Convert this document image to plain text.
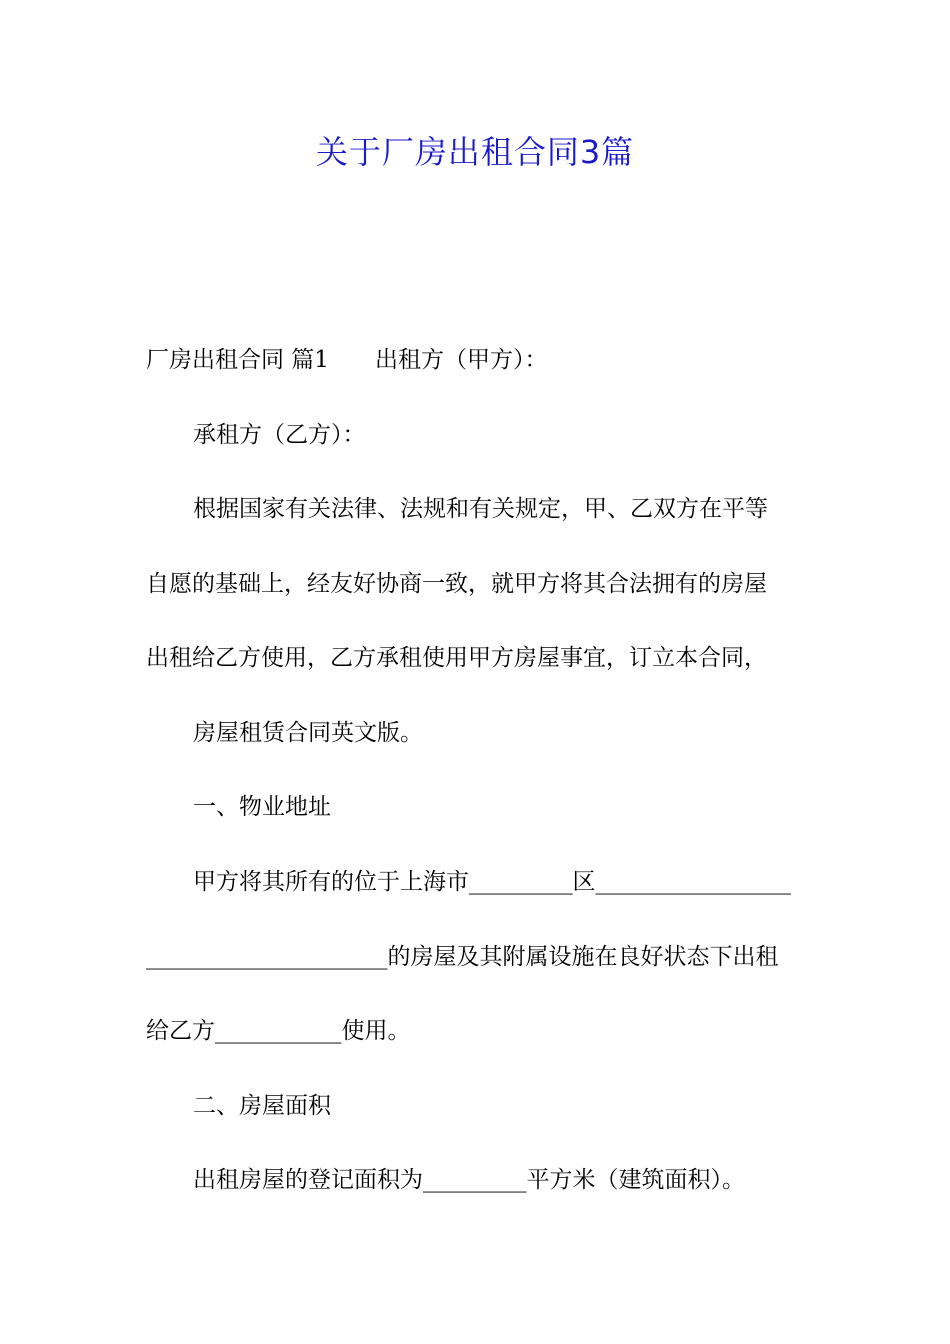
关于厂房出租合同3篇
厂房出租合同 篇1 出租方（甲方）：
承租方（乙方）：
根据国家有关法律、法规和有关规定，甲、乙双方在平等
自愿的基础上，经友好协商一致，就甲方将其合法拥有的房屋
出租给乙方使用，乙方承租使用甲方房屋事宜，订立本合同，
房屋租赁合同英文版。
一、物业地址
甲方将其所有的位于上海市_________区_________________
_____________________的房屋及其附属设施在良好状态下出租
给乙方___________使用。
二、房屋面积
出租房屋的登记面积为_________平方米（建筑面积）。
